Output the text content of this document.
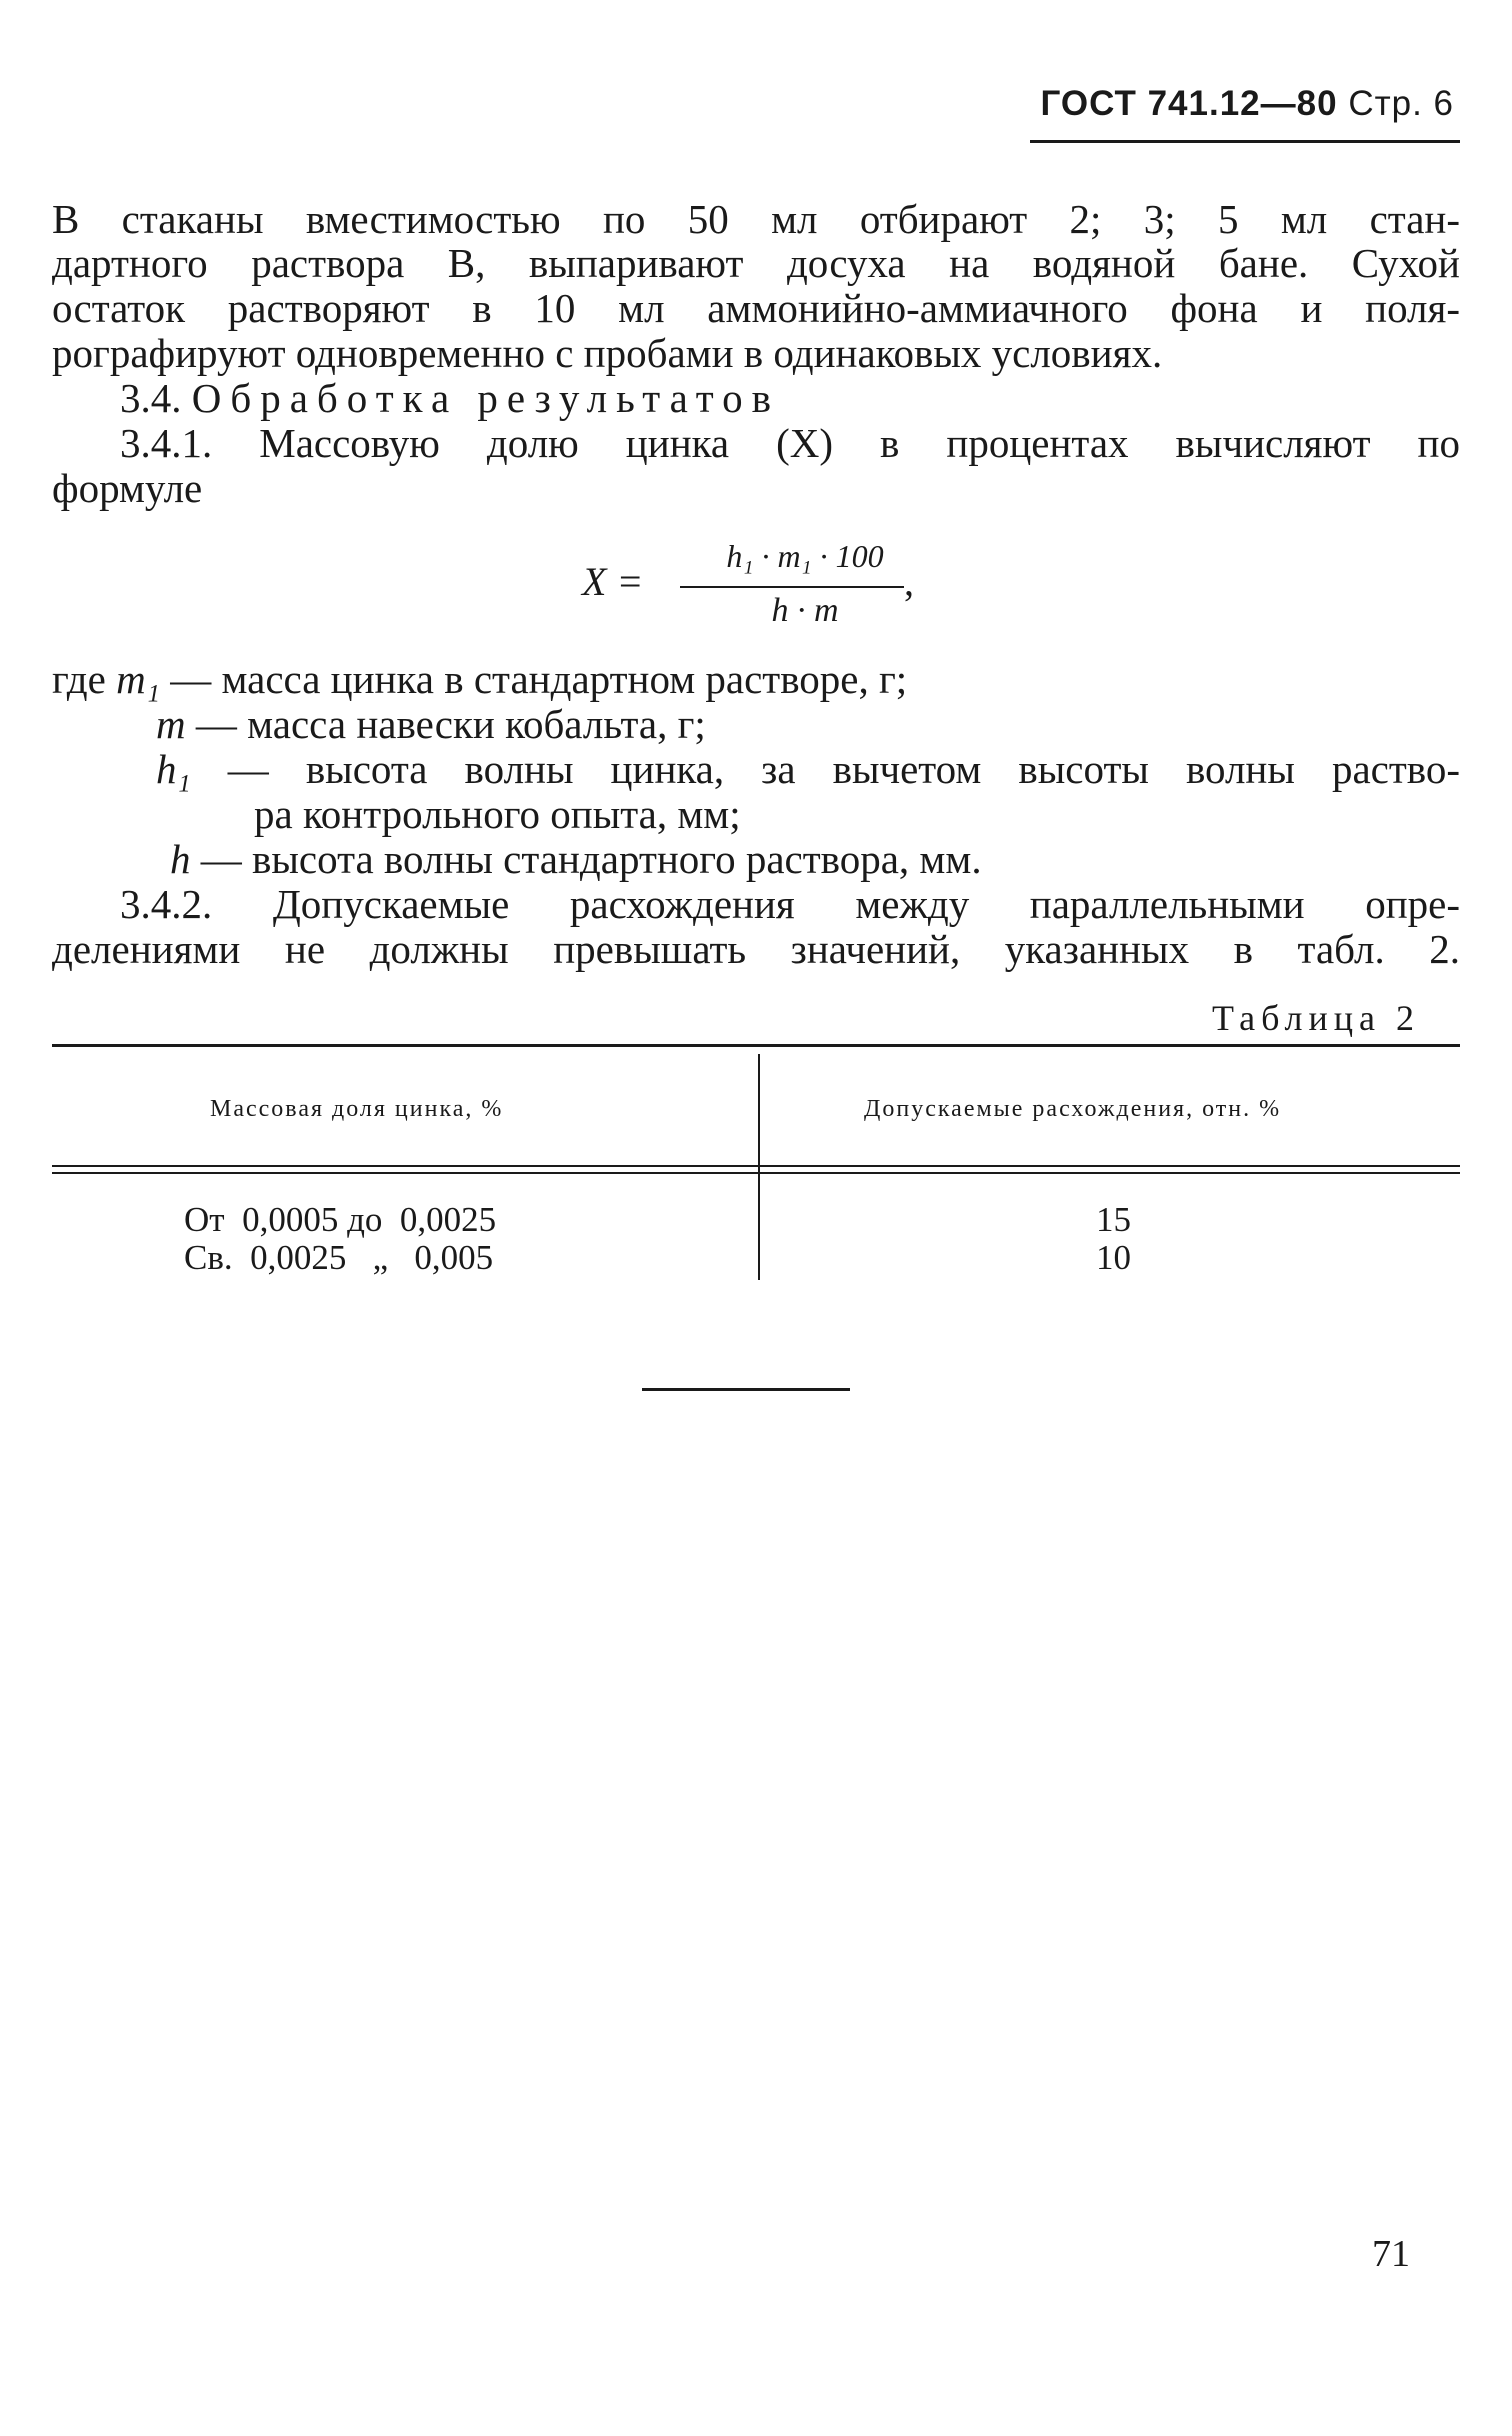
ГОСТ 741.12—80 Стр. 6
В стаканы вместимостью по 50 мл отбирают 2; 3; 5 мл стан-
дартного раствора В, выпаривают досуха на водяной бане. Сухой
остаток растворяют в 10 мл аммонийно-аммиачного фона и поля-
рографируют одновременно с пробами в одинаковых условиях.
3.4. Обработка результатов
3.4.1. Массовую долю цинка (X) в процентах вычисляют по
формуле
X =
h₁ · m₁ · 100
h · m
,
где m₁ — масса цинка в стандартном растворе, г;
m — масса навески кобальта, г;
h₁ — высота волны цинка, за вычетом высоты волны раство-
ра контрольного опыта, мм;
h — высота волны стандартного раствора, мм.
3.4.2. Допускаемые расхождения между параллельными опре-
делениями не должны превышать значений, указанных в табл. 2.
Таблица 2
Массовая доля цинка, %	Допускаемые расхождения, отн. %
От  0,0005 до  0,0025	15
Св.  0,0025   „   0,005	10
71
